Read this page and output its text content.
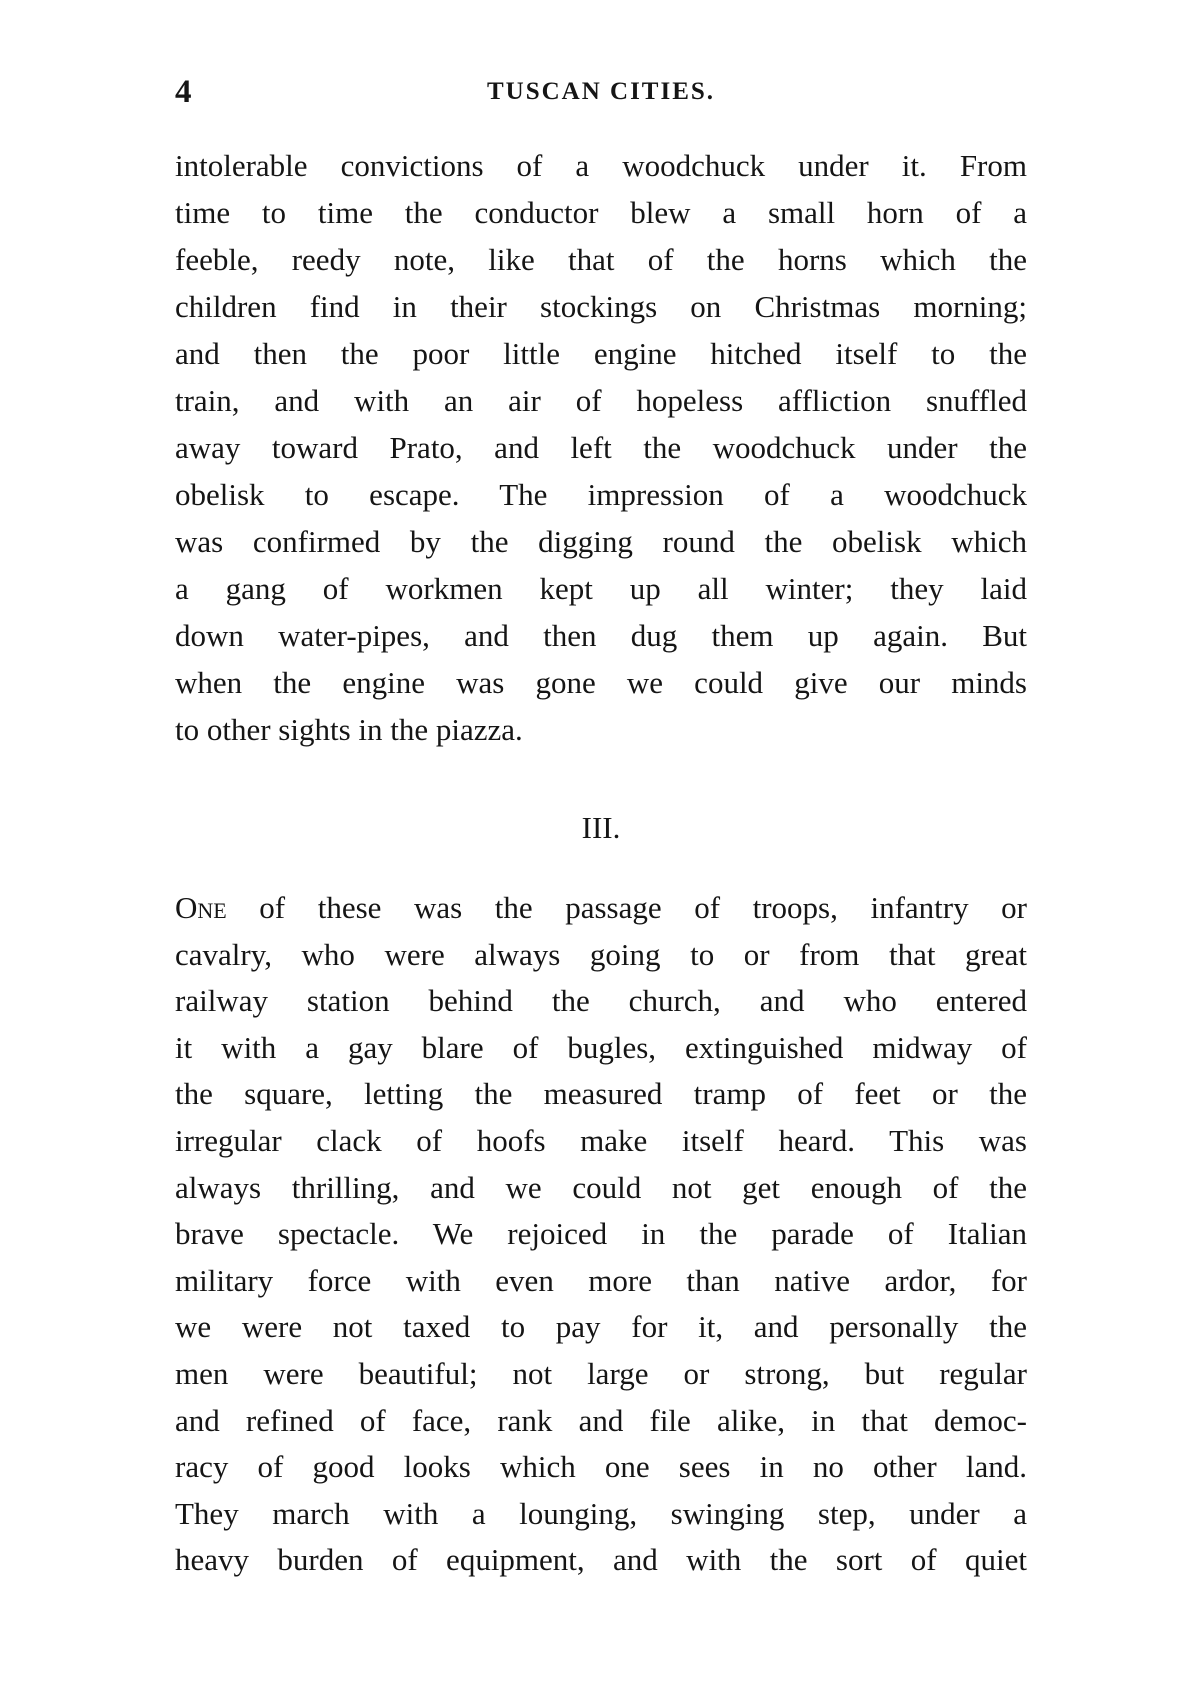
4	TUSCAN CITIES.
intolerable convictions of a woodchuck under it. From
time to time the conductor blew a small horn of a
feeble, reedy note, like that of the horns which the
children find in their stockings on Christmas morning;
and then the poor little engine hitched itself to the
train, and with an air of hopeless affliction snuffled
away toward Prato, and left the woodchuck under the
obelisk to escape. The impression of a woodchuck
was confirmed by the digging round the obelisk which
a gang of workmen kept up all winter; they laid
down water-pipes, and then dug them up again. But
when the engine was gone we could give our minds
to other sights in the piazza.
III.
One of these was the passage of troops, infantry or
cavalry, who were always going to or from that great
railway station behind the church, and who entered
it with a gay blare of bugles, extinguished midway of
the square, letting the measured tramp of feet or the
irregular clack of hoofs make itself heard. This was
always thrilling, and we could not get enough of the
brave spectacle. We rejoiced in the parade of Italian
military force with even more than native ardor, for
we were not taxed to pay for it, and personally the
men were beautiful; not large or strong, but regular
and refined of face, rank and file alike, in that democ-
racy of good looks which one sees in no other land.
They march with a lounging, swinging step, under a
heavy burden of equipment, and with the sort of quiet
